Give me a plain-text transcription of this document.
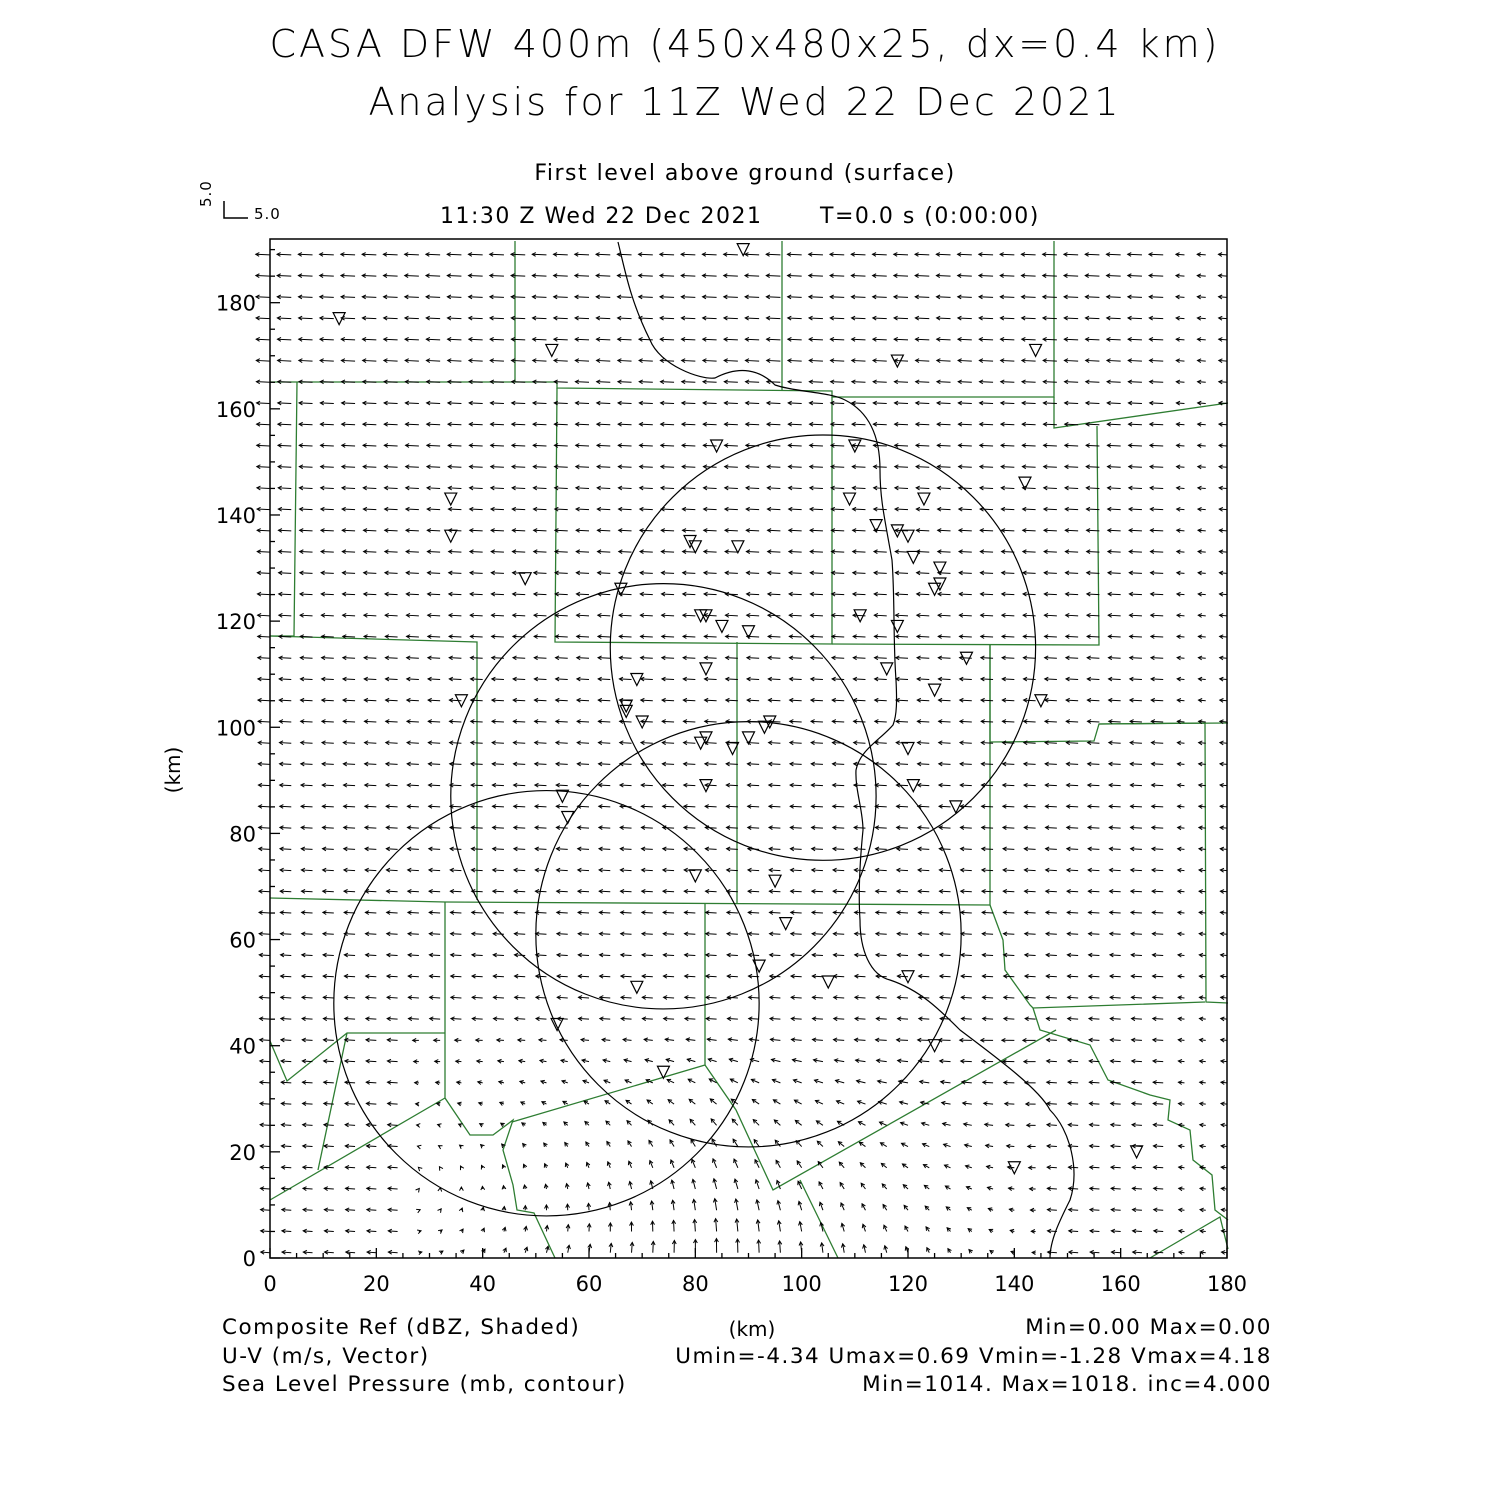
CASA DFW 400m (450x480x25, dx=0.4 km)
Analysis for 11Z Wed 22 Dec 2021
First level above ground (surface)
11:30 Z Wed 22 Dec 2021	T=0.0 s (0:00:00)
5.0
5.0
0	20	40	60	80	100	120	140	160	180
0
20
40
60
80
100
120
140
160
180
(km)
(km)
Composite Ref (dBZ, Shaded)	Min=0.00 Max=0.00
U-V (m/s, Vector)	Umin=-4.34 Umax=0.69 Vmin=-1.28 Vmax=4.18
Sea Level Pressure (mb, contour)	Min=1014. Max=1018. inc=4.000
